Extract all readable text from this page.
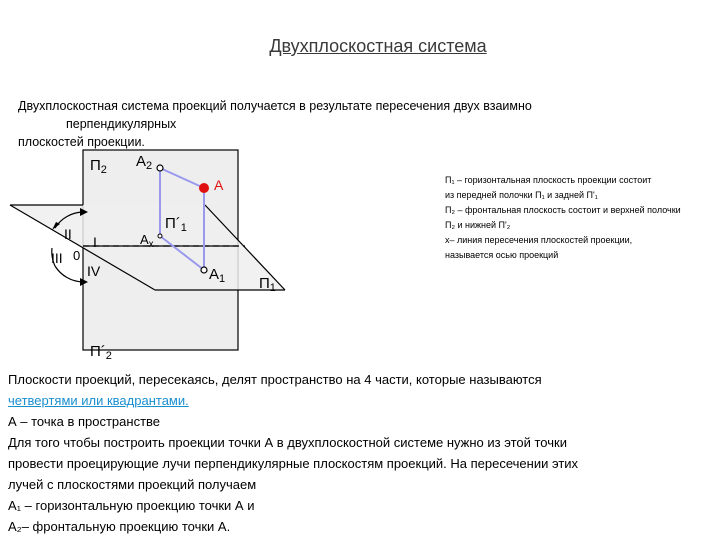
Двухплоскостная система
Двухплоскостная система проекций получается в результате пересечения двух взаимно

перпендикулярных
плоскостей проекции.
$П_2$ $A_2$
A
$П´_1$
$A_x$
$A_1$ $П_1$
$П´_2$
I
II
III
IV
0
П₁ – горизонтальная плоскость проекции состоит
из передней полочки П₁ и задней П'₁
П₂ – фронтальная плоскость состоит и верхней полочки
П₂ и нижней П'₂
x– линия пересечения плоскостей проекции,
называется осью проекций
Плоскости проекций, пересекаясь, делят пространство на 4 части, которые называются
четвертями или квадрантами.
А – точка в пространстве
Для того чтобы построить проекции точки А в двухплоскостной системе нужно из этой точки
провести проецирующие лучи перпендикулярные плоскостям проекций. На пересечении этих
лучей с плоскостями проекций получаем
А₁ – горизонтальную проекцию точки А и
А₂– фронтальную проекцию точки А.
